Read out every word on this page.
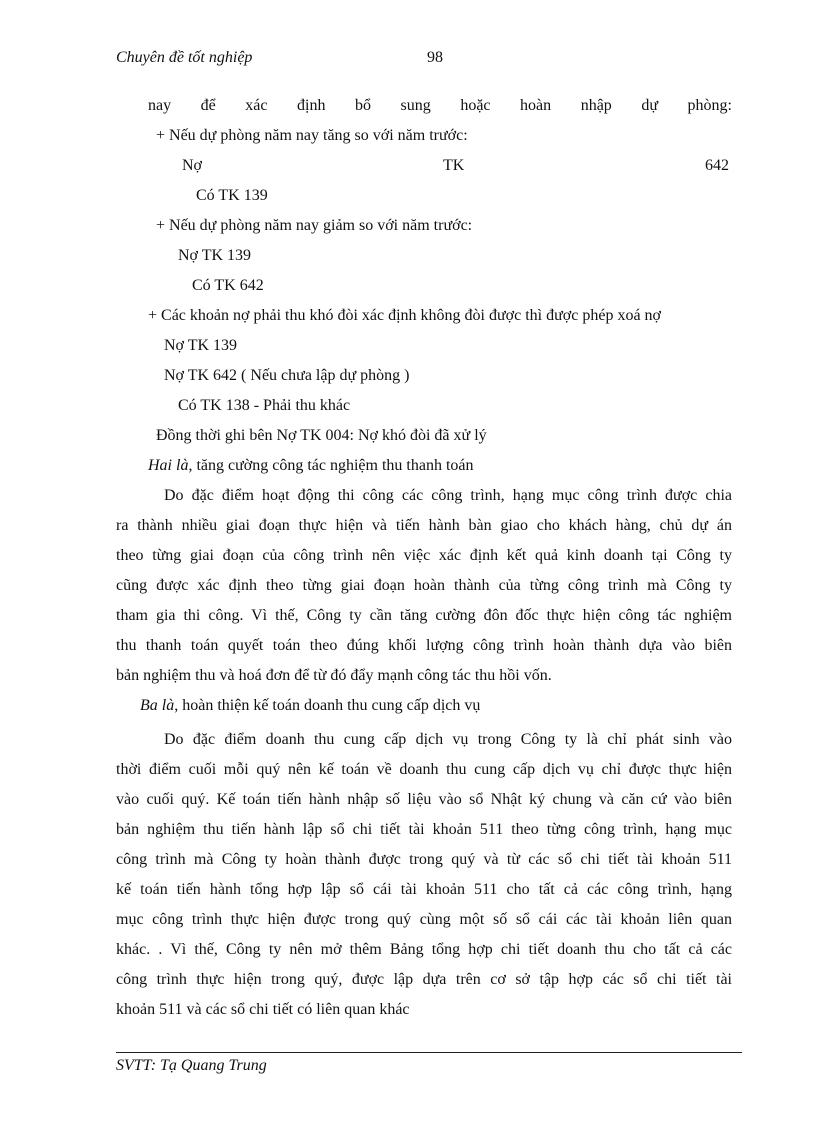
Chuyên đề tốt nghiệp	98
nay để xác định bổ sung hoặc hoàn nhập dự phòng:
+ Nếu dự phòng năm nay tăng so với năm trước:
Nợ	TK	642
Có TK 139
+ Nếu dự phòng năm nay giảm so với năm trước:
Nợ TK 139
Có TK 642
+ Các khoản nợ phải thu khó đòi xác định không đòi được thì được phép xoá nợ
Nợ TK 139
Nợ TK 642 ( Nếu chưa lập dự phòng )
Có TK 138 - Phải thu khác
Đồng thời ghi bên Nợ TK 004: Nợ khó đòi đã xử lý
Hai là, tăng cường công tác nghiệm thu thanh toán
Do đặc điểm hoạt động thi công các công trình, hạng mục công trình được chia
ra thành nhiều giai đoạn thực hiện và tiến hành bàn giao cho khách hàng, chủ dự án
theo từng giai đoạn của công trình nên việc xác định kết quả kinh doanh tại Công ty
cũng được xác định theo từng giai đoạn hoàn thành của từng công trình mà Công ty
tham gia thi công. Vì thế, Công ty cần tăng cường đôn đốc thực hiện công tác nghiệm
thu thanh toán quyết toán theo đúng khối lượng công trình hoàn thành dựa vào biên
bản nghiệm thu và hoá đơn để từ đó đẩy mạnh công tác thu hồi vốn.
Ba là, hoàn thiện kế toán doanh thu cung cấp dịch vụ
Do đặc điểm doanh thu cung cấp dịch vụ trong Công ty là chỉ phát sinh vào
thời điểm cuối mỗi quý nên kế toán về doanh thu cung cấp dịch vụ chỉ được thực hiện
vào cuối quý. Kế toán tiến hành nhập số liệu vào sổ Nhật ký chung và căn cứ vào biên
bản nghiệm thu tiến hành lập sổ chi tiết tài khoản 511 theo từng công trình, hạng mục
công trình mà Công ty hoàn thành được trong quý và từ các sổ chi tiết tài khoản 511
kế toán tiến hành tổng hợp lập sổ cái tài khoản 511 cho tất cả các công trình, hạng
mục công trình thực hiện được trong quý cùng một số sổ cái các tài khoản liên quan
khác. . Vì thế, Công ty nên mở thêm Bảng tổng hợp chi tiết doanh thu cho tất cả các
công trình thực hiện trong quý, được lập dựa trên cơ sở tập hợp các sổ chi tiết tài
khoản 511 và các sổ chi tiết có liên quan khác
SVTT: Tạ Quang Trung
